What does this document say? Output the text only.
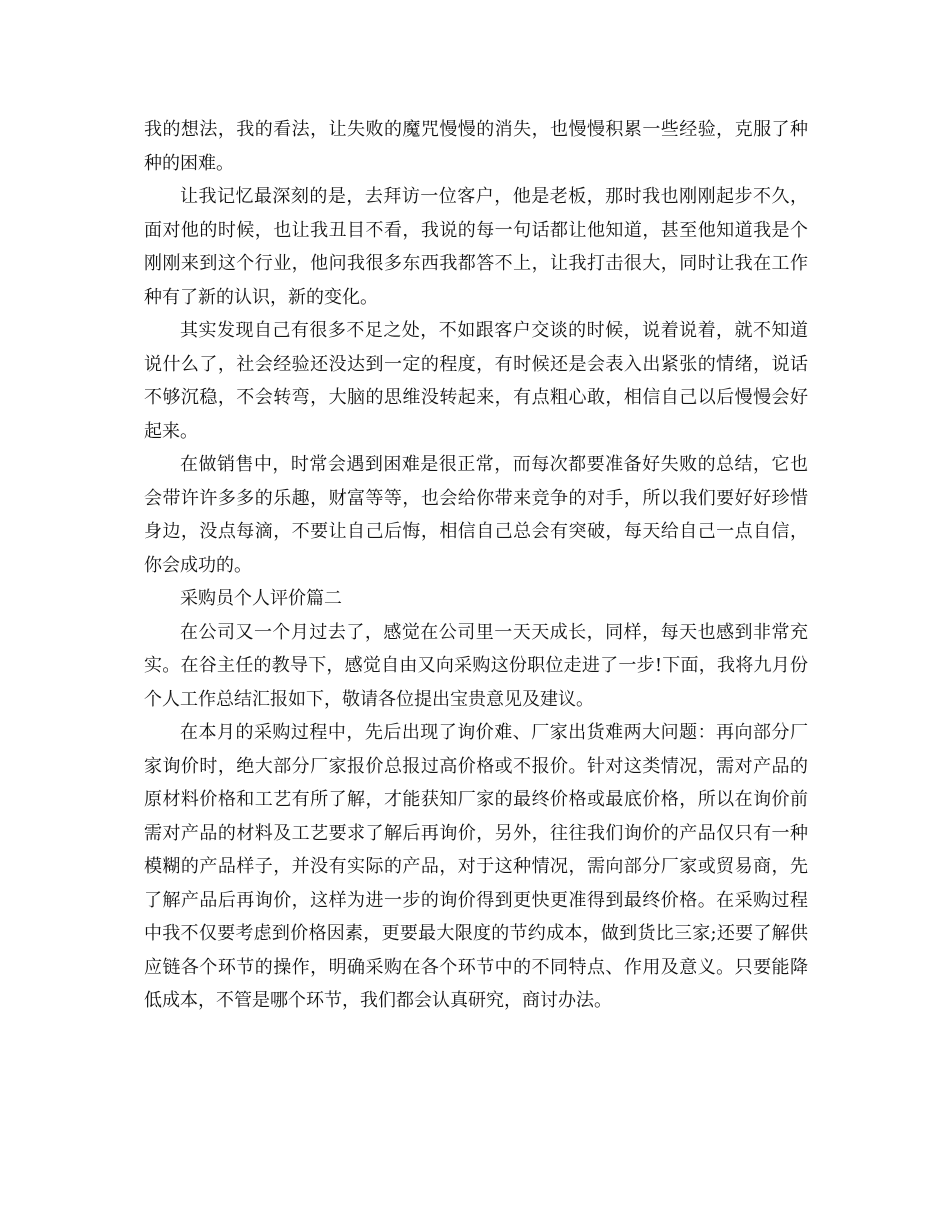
我的想法，我的看法，让失败的魔咒慢慢的消失，也慢慢积累一些经验，克服了种种的困难。

让我记忆最深刻的是，去拜访一位客户，他是老板，那时我也刚刚起步不久，面对他的时候，也让我丑目不看，我说的每一句话都让他知道，甚至他知道我是个刚刚来到这个行业，他问我很多东西我都答不上，让我打击很大，同时让我在工作种有了新的认识，新的变化。

其实发现自己有很多不足之处，不如跟客户交谈的时候，说着说着，就不知道说什么了，社会经验还没达到一定的程度，有时候还是会表入出紧张的情绪，说话不够沉稳，不会转弯，大脑的思维没转起来，有点粗心敢，相信自己以后慢慢会好起来。

在做销售中，时常会遇到困难是很正常，而每次都要准备好失败的总结，它也会带许许多多的乐趣，财富等等，也会给你带来竞争的对手，所以我们要好好珍惜身边，没点每滴，不要让自己后悔，相信自己总会有突破，每天给自己一点自信，你会成功的。

采购员个人评价篇二

在公司又一个月过去了，感觉在公司里一天天成长，同样，每天也感到非常充实。在谷主任的教导下，感觉自由又向采购这份职位走进了一步!下面，我将九月份个人工作总结汇报如下，敬请各位提出宝贵意见及建议。

在本月的采购过程中，先后出现了询价难、厂家出货难两大问题：再向部分厂家询价时，绝大部分厂家报价总报过高价格或不报价。针对这类情况，需对产品的原材料价格和工艺有所了解，才能获知厂家的最终价格或最底价格，所以在询价前需对产品的材料及工艺要求了解后再询价，另外，往往我们询价的产品仅只有一种模糊的产品样子，并没有实际的产品，对于这种情况，需向部分厂家或贸易商，先了解产品后再询价，这样为进一步的询价得到更快更准得到最终价格。在采购过程中我不仅要考虑到价格因素，更要最大限度的节约成本，做到货比三家;还要了解供应链各个环节的操作，明确采购在各个环节中的不同特点、作用及意义。只要能降低成本，不管是哪个环节，我们都会认真研究，商讨办法。
